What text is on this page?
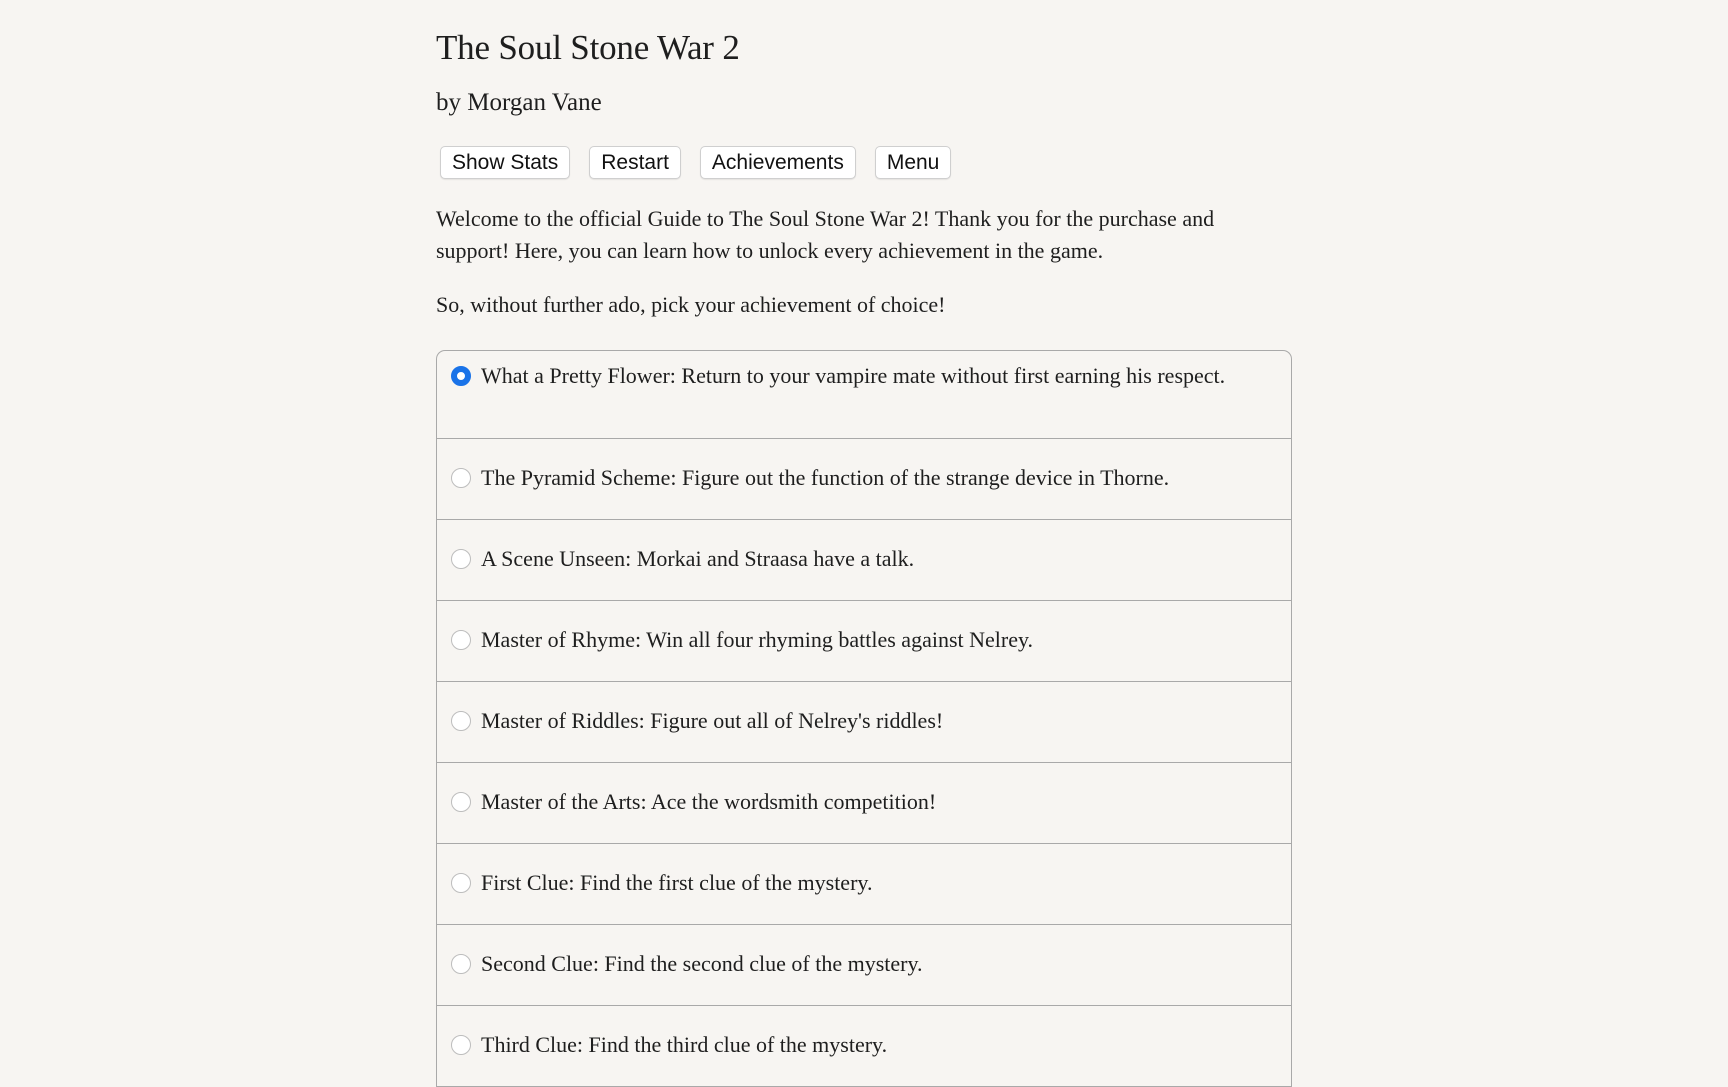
The Soul Stone War 2
by Morgan Vane
Show Stats Restart Achievements Menu
Welcome to the official Guide to The Soul Stone War 2! Thank you for the purchase and support! Here, you can learn how to unlock every achievement in the game.
So, without further ado, pick your achievement of choice!
What a Pretty Flower: Return to your vampire mate without first earning his respect.
The Pyramid Scheme: Figure out the function of the strange device in Thorne.
A Scene Unseen: Morkai and Straasa have a talk.
Master of Rhyme: Win all four rhyming battles against Nelrey.
Master of Riddles: Figure out all of Nelrey's riddles!
Master of the Arts: Ace the wordsmith competition!
First Clue: Find the first clue of the mystery.
Second Clue: Find the second clue of the mystery.
Third Clue: Find the third clue of the mystery.
